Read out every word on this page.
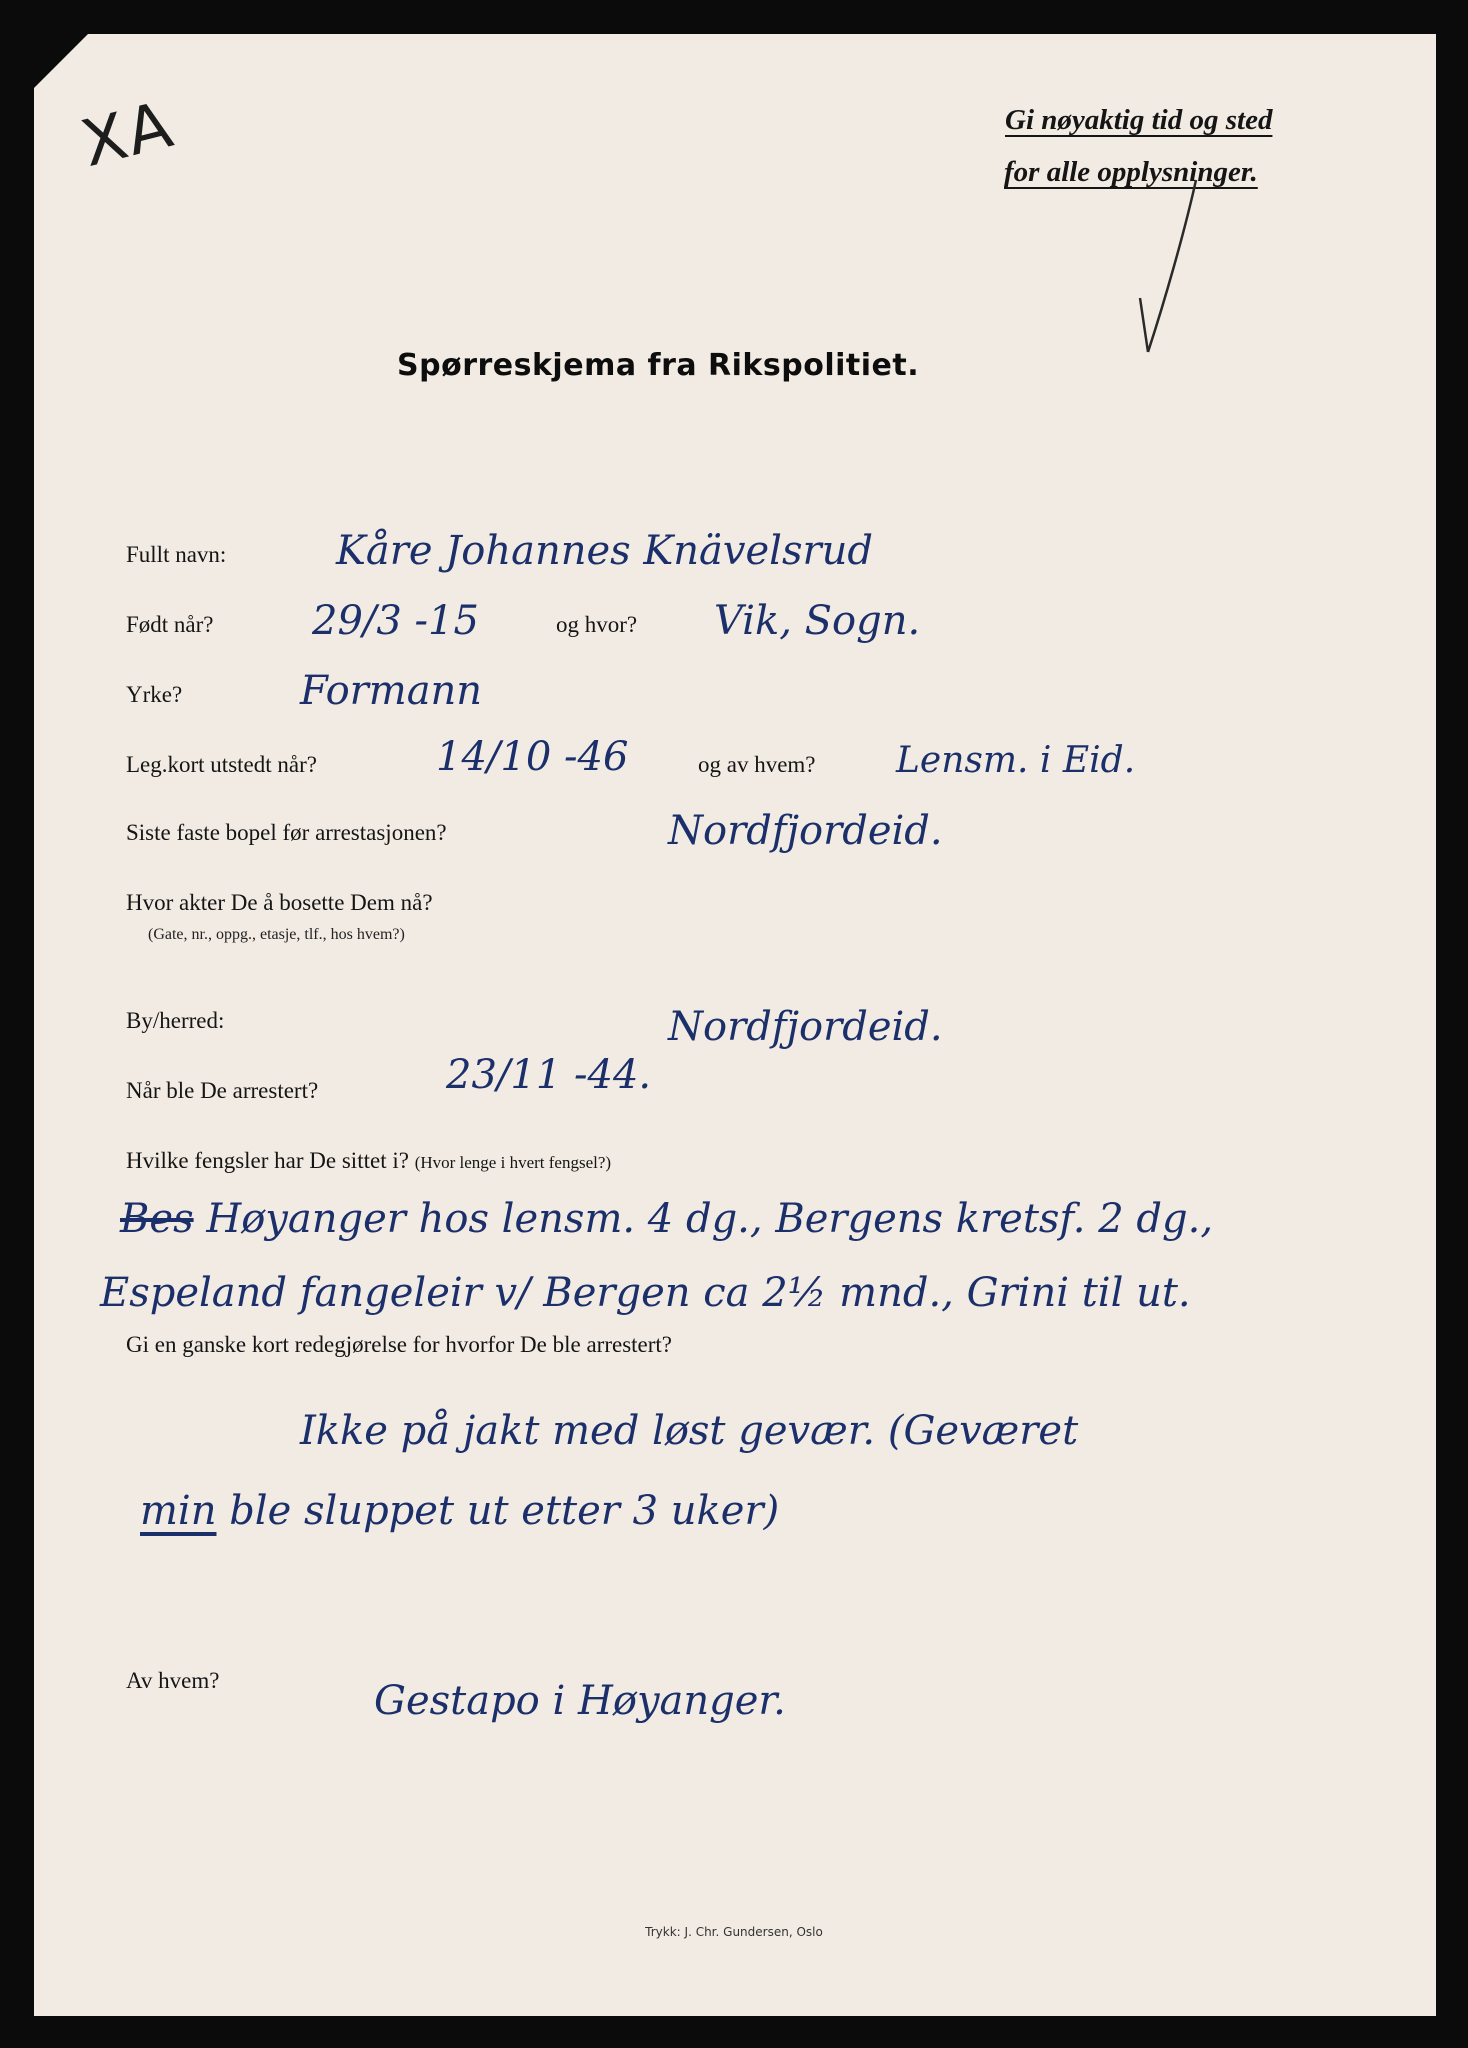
XA	Gi nøyaktig tid og sted
for alle opplysninger.
Spørreskjema fra Rikspolitiet.
Fullt navn:	Kåre Johannes Knävelsrud
Født når? 29/3 -15	og hvor? Vik, Sogn.
Yrke?	Formann
Leg.kort utstedt når?	14/10 -46	og av hvem? Lensm. i Eid.
Siste faste bopel før arrestasjonen?	Nordfjordeid.
Hvor akter De å bosette Dem nå?
(Gate, nr., oppg., etasje, tlf., hos hvem?)
By/herred:	Nordfjordeid.
Når ble De arrestert?	23/11 -44.
Hvilke fengsler har De sittet i? (Hvor lenge i hvert fengsel?)
Bes Høyanger hos lensm. 4 dg., Bergens kretsf. 2 dg.,
Espeland fangeleir v/ Bergen ca 2½ mnd., Grini til ut.
Gi en ganske kort redegjørelse for hvorfor De ble arrestert?
Ikke på jakt med løst gevær. (Geværet
min ble sluppet ut etter 3 uker)
Av hvem?	Gestapo i Høyanger.
Trykk: J. Chr. Gundersen, Oslo
